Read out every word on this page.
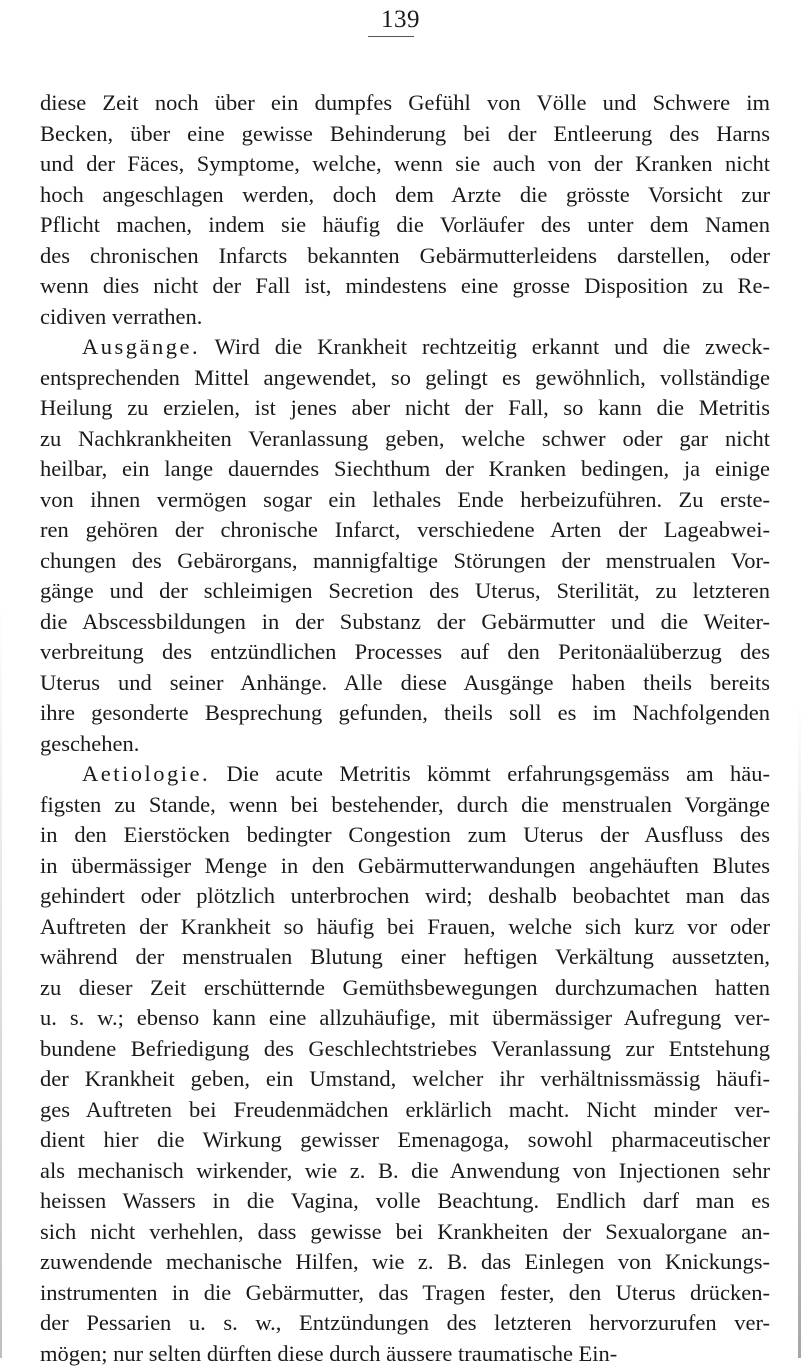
139
diese Zeit noch über ein dumpfes Gefühl von Völle und Schwere im
Becken, über eine gewisse Behinderung bei der Entleerung des Harns
und der Fäces, Symptome, welche, wenn sie auch von der Kranken nicht
hoch angeschlagen werden, doch dem Arzte die grösste Vorsicht zur
Pflicht machen, indem sie häufig die Vorläufer des unter dem Namen
des chronischen Infarcts bekannten Gebärmutterleidens darstellen, oder
wenn dies nicht der Fall ist, mindestens eine grosse Disposition zu Re-
cidiven verrathen.
Ausgänge. Wird die Krankheit rechtzeitig erkannt und die zweck-
entsprechenden Mittel angewendet, so gelingt es gewöhnlich, vollständige
Heilung zu erzielen, ist jenes aber nicht der Fall, so kann die Metritis
zu Nachkrankheiten Veranlassung geben, welche schwer oder gar nicht
heilbar, ein lange dauerndes Siechthum der Kranken bedingen, ja einige
von ihnen vermögen sogar ein lethales Ende herbeizuführen. Zu erste-
ren gehören der chronische Infarct, verschiedene Arten der Lageabwei-
chungen des Gebärorgans, mannigfaltige Störungen der menstrualen Vor-
gänge und der schleimigen Secretion des Uterus, Sterilität, zu letzteren
die Abscessbildungen in der Substanz der Gebärmutter und die Weiter-
verbreitung des entzündlichen Processes auf den Peritonäalüberzug des
Uterus und seiner Anhänge. Alle diese Ausgänge haben theils bereits
ihre gesonderte Besprechung gefunden, theils soll es im Nachfolgenden
geschehen.
Aetiologie. Die acute Metritis kömmt erfahrungsgemäss am häu-
figsten zu Stande, wenn bei bestehender, durch die menstrualen Vorgänge
in den Eierstöcken bedingter Congestion zum Uterus der Ausfluss des
in übermässiger Menge in den Gebärmutterwandungen angehäuften Blutes
gehindert oder plötzlich unterbrochen wird; deshalb beobachtet man das
Auftreten der Krankheit so häufig bei Frauen, welche sich kurz vor oder
während der menstrualen Blutung einer heftigen Verkältung aussetzten,
zu dieser Zeit erschütternde Gemüthsbewegungen durchzumachen hatten
u. s. w.; ebenso kann eine allzuhäufige, mit übermässiger Aufregung ver-
bundene Befriedigung des Geschlechtstriebes Veranlassung zur Entstehung
der Krankheit geben, ein Umstand, welcher ihr verhältnissmässig häufi-
ges Auftreten bei Freudenmädchen erklärlich macht. Nicht minder ver-
dient hier die Wirkung gewisser Emenagoga, sowohl pharmaceutischer
als mechanisch wirkender, wie z. B. die Anwendung von Injectionen sehr
heissen Wassers in die Vagina, volle Beachtung. Endlich darf man es
sich nicht verhehlen, dass gewisse bei Krankheiten der Sexualorgane an-
zuwendende mechanische Hilfen, wie z. B. das Einlegen von Knickungs-
instrumenten in die Gebärmutter, das Tragen fester, den Uterus drücken-
der Pessarien u. s. w., Entzündungen des letzteren hervorzurufen ver-
mögen; nur selten dürften diese durch äussere traumatische Ein-
